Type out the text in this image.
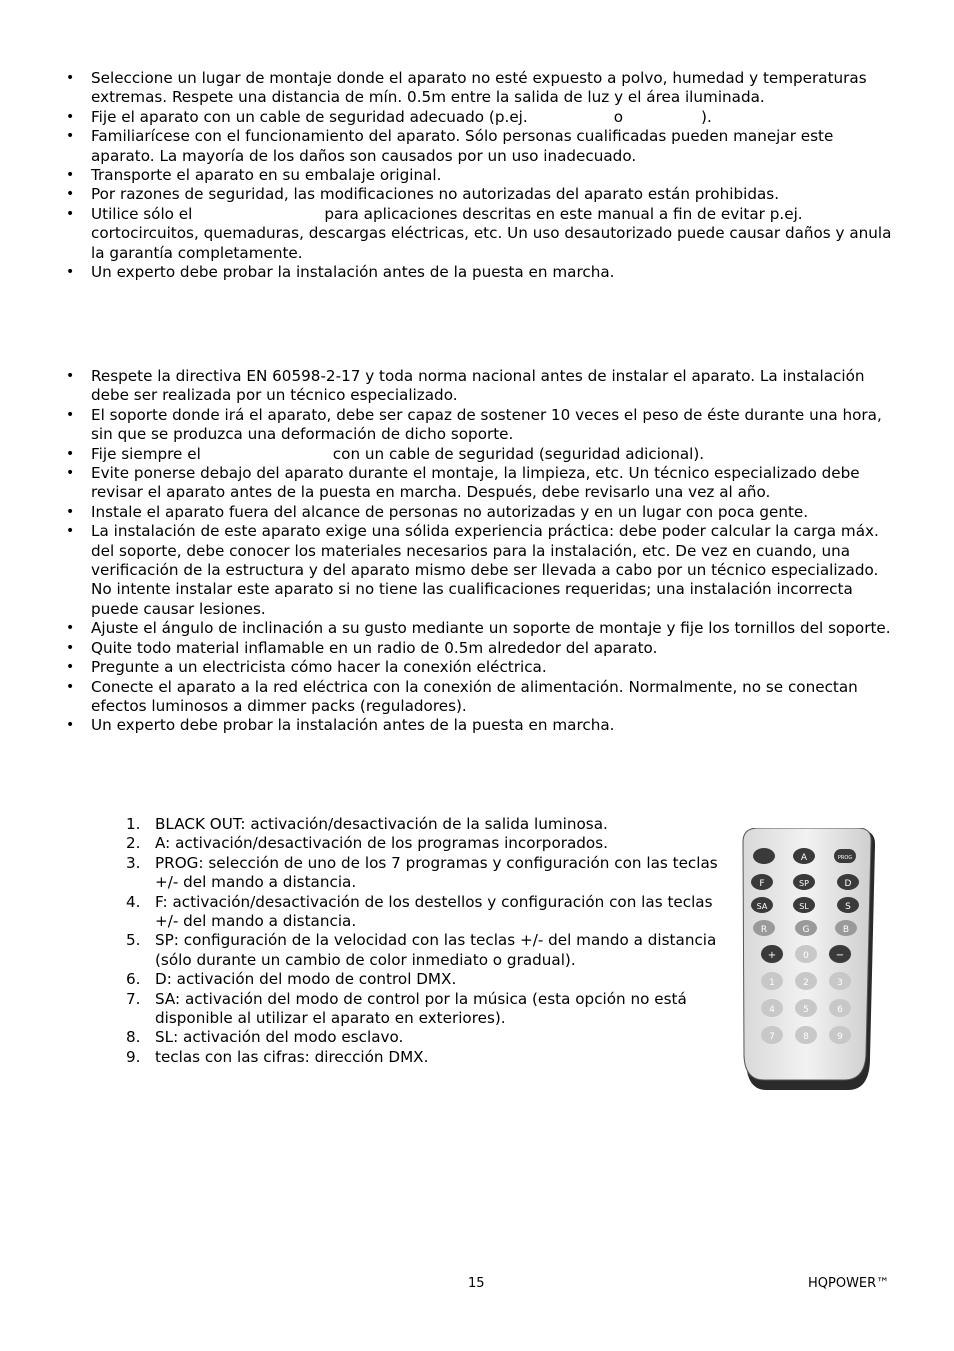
• Seleccione un lugar de montaje donde el aparato no esté expuesto a polvo, humedad y temperaturas extremas. Respete una distancia de mín. 0.5m entre la salida de luz y el área iluminada.
• Fije el aparato con un cable de seguridad adecuado (p.ej.	o	).
• Familiarícese con el funcionamiento del aparato. Sólo personas cualificadas pueden manejar este aparato. La mayoría de los daños son causados por un uso inadecuado.
• Transporte el aparato en su embalaje original.
• Por razones de seguridad, las modificaciones no autorizadas del aparato están prohibidas.
• Utilice sólo el	para aplicaciones descritas en este manual a fin de evitar p.ej. cortocircuitos, quemaduras, descargas eléctricas, etc. Un uso desautorizado puede causar daños y anula la garantía completamente.
• Un experto debe probar la instalación antes de la puesta en marcha.
• Respete la directiva EN 60598-2-17 y toda norma nacional antes de instalar el aparato. La instalación debe ser realizada por un técnico especializado.
• El soporte donde irá el aparato, debe ser capaz de sostener 10 veces el peso de éste durante una hora, sin que se produzca una deformación de dicho soporte.
• Fije siempre el	con un cable de seguridad (seguridad adicional).
• Evite ponerse debajo del aparato durante el montaje, la limpieza, etc. Un técnico especializado debe revisar el aparato antes de la puesta en marcha. Después, debe revisarlo una vez al año.
• Instale el aparato fuera del alcance de personas no autorizadas y en un lugar con poca gente.
• La instalación de este aparato exige una sólida experiencia práctica: debe poder calcular la carga máx. del soporte, debe conocer los materiales necesarios para la instalación, etc. De vez en cuando, una verificación de la estructura y del aparato mismo debe ser llevada a cabo por un técnico especializado. No intente instalar este aparato si no tiene las cualificaciones requeridas; una instalación incorrecta puede causar lesiones.
• Ajuste el ángulo de inclinación a su gusto mediante un soporte de montaje y fije los tornillos del soporte.
• Quite todo material inflamable en un radio de 0.5m alrededor del aparato.
• Pregunte a un electricista cómo hacer la conexión eléctrica.
• Conecte el aparato a la red eléctrica con la conexión de alimentación. Normalmente, no se conectan efectos luminosos a dimmer packs (reguladores).
• Un experto debe probar la instalación antes de la puesta en marcha.
1. BLACK OUT: activación/desactivación de la salida luminosa.
2. A: activación/desactivación de los programas incorporados.
3. PROG: selección de uno de los 7 programas y configuración con las teclas +/- del mando a distancia.
4. F: activación/desactivación de los destellos y configuración con las teclas +/- del mando a distancia.
5. SP: configuración de la velocidad con las teclas +/- del mando a distancia (sólo durante un cambio de color inmediato o gradual).
6. D: activación del modo de control DMX.
7. SA: activación del modo de control por la música (esta opción no está disponible al utilizar el aparato en exteriores).
8. SL: activación del modo esclavo.
9. teclas con las cifras: dirección DMX.
A	PROG
F	SP	D
SA	SL	S
R	G	B
+	0	−
1	2	3
4	5	6
7	8	9
15	HQPOWER™
